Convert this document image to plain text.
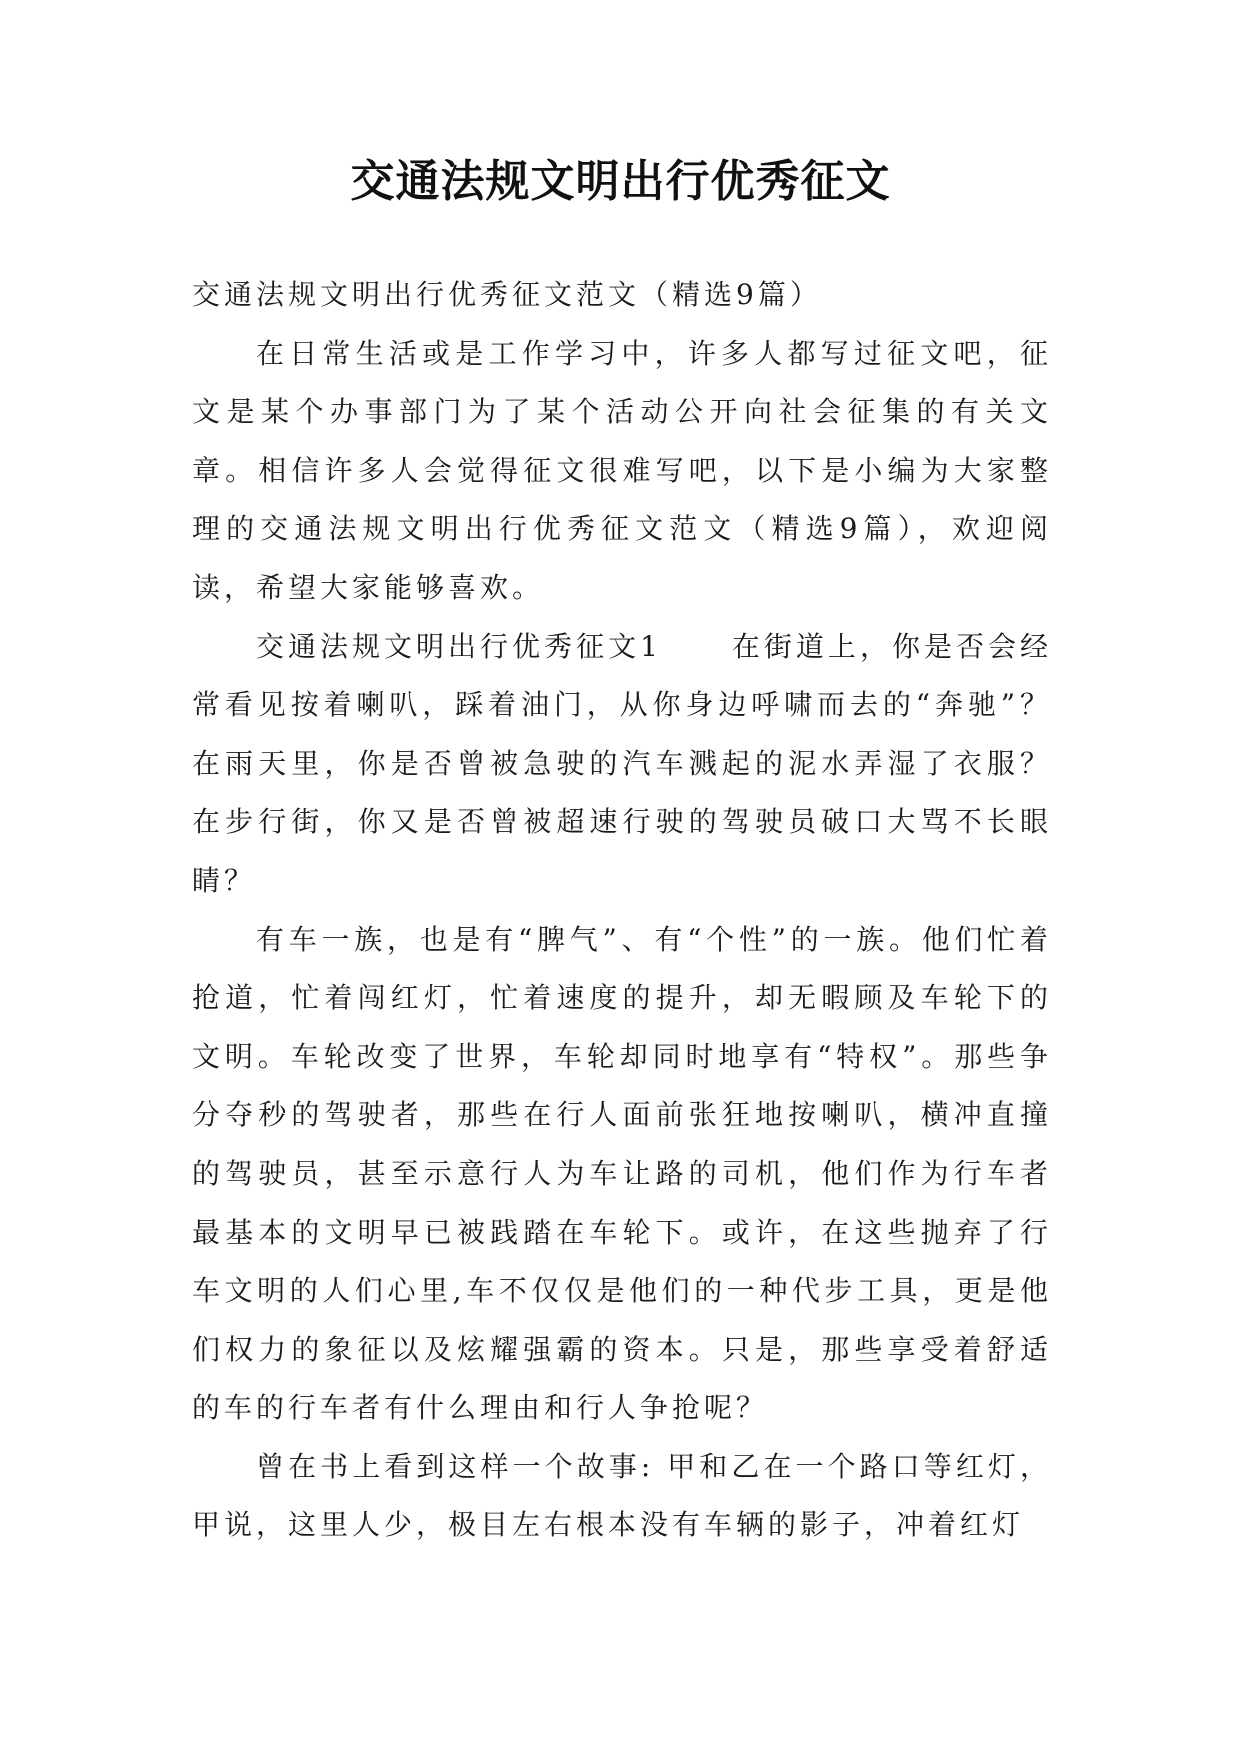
交通法规文明出行优秀征文

交通法规文明出行优秀征文范文（精选9篇）

在日常生活或是工作学习中，许多人都写过征文吧，征文是某个办事部门为了某个活动公开向社会征集的有关文章。相信许多人会觉得征文很难写吧，以下是小编为大家整理的交通法规文明出行优秀征文范文（精选9篇），欢迎阅读，希望大家能够喜欢。

交通法规文明出行优秀征文1	在街道上，你是否会经常看见按着喇叭，踩着油门，从你身边呼啸而去的“奔驰”？在雨天里，你是否曾被急驶的汽车溅起的泥水弄湿了衣服？在步行街，你又是否曾被超速行驶的驾驶员破口大骂不长眼睛？

有车一族，也是有“脾气”、有“个性”的一族。他们忙着抢道，忙着闯红灯，忙着速度的提升，却无暇顾及车轮下的文明。车轮改变了世界，车轮却同时地享有“特权”。那些争分夺秒的驾驶者，那些在行人面前张狂地按喇叭，横冲直撞的驾驶员，甚至示意行人为车让路的司机，他们作为行车者最基本的文明早已被践踏在车轮下。或许，在这些抛弃了行车文明的人们心里,车不仅仅是他们的一种代步工具，更是他们权力的象征以及炫耀强霸的资本。只是，那些享受着舒适的车的行车者有什么理由和行人争抢呢？

曾在书上看到这样一个故事: 甲和乙在一个路口等红灯，甲说，这里人少，极目左右根本没有车辆的影子，冲着红灯
